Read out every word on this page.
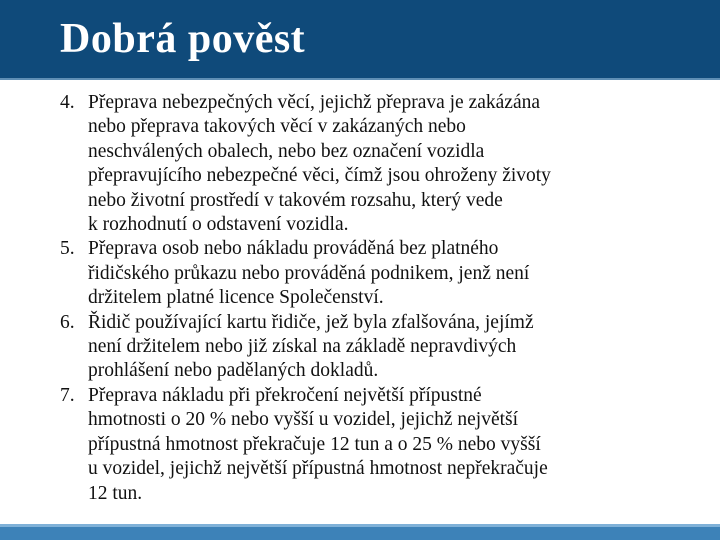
Dobrá pověst
4. Přeprava nebezpečných věcí, jejichž přeprava je zakázána
nebo přeprava takových věcí v zakázaných nebo
neschválených obalech, nebo bez označení vozidla
přepravujícího nebezpečné věci, čímž jsou ohroženy životy
nebo životní prostředí v takovém rozsahu, který vede
k rozhodnutí o odstavení vozidla.
5. Přeprava osob nebo nákladu prováděná bez platného
řidičského průkazu nebo prováděná podnikem, jenž není
držitelem platné licence Společenství.
6. Řidič používající kartu řidiče, jež byla zfalšována, jejímž
není držitelem nebo již získal na základě nepravdivých
prohlášení nebo padělaných dokladů.
7. Přeprava nákladu při překročení největší přípustné
hmotnosti o 20 % nebo vyšší u vozidel, jejichž největší
přípustná hmotnost překračuje 12 tun a o 25 % nebo vyšší
u vozidel, jejichž největší přípustná hmotnost nepřekračuje
12 tun.
